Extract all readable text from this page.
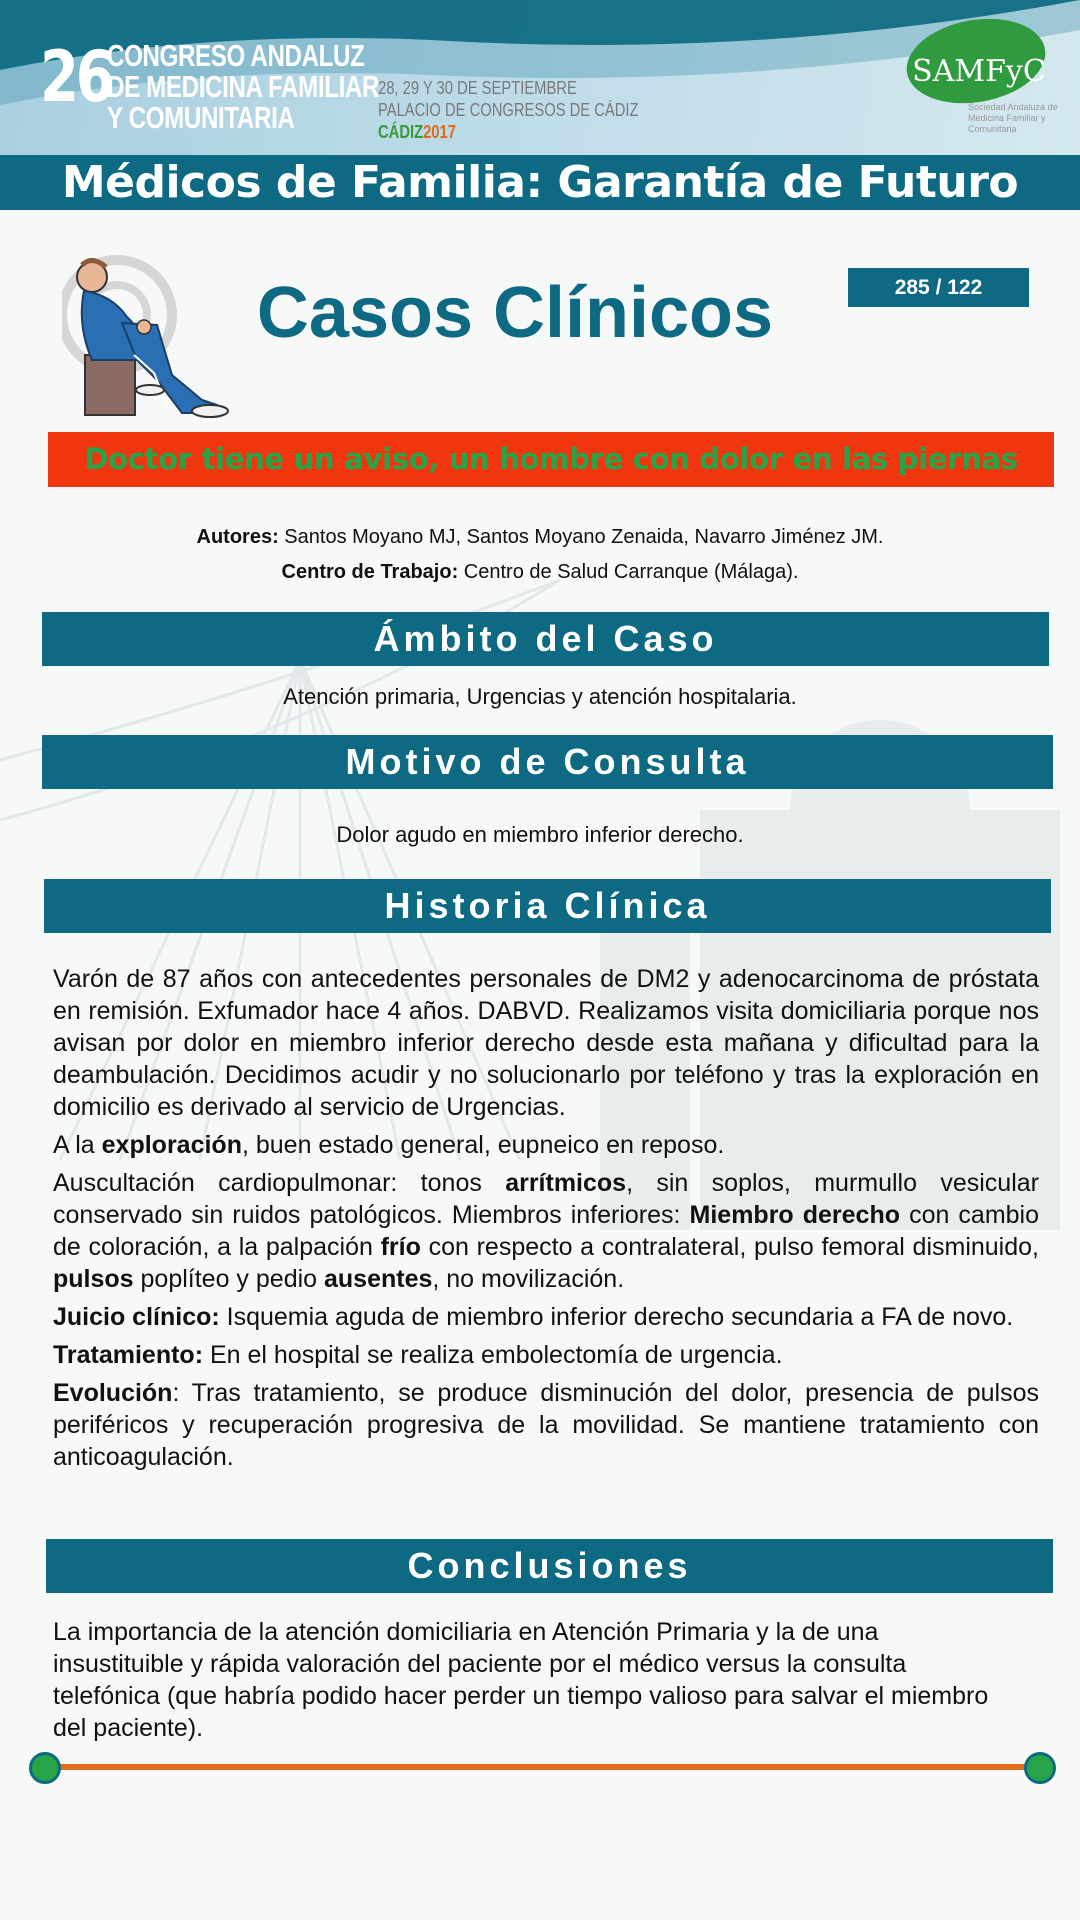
26
CONGRESO ANDALUZ
DE MEDICINA FAMILIAR
Y COMUNITARIA
28, 29 Y 30 DE SEPTIEMBRE
PALACIO DE CONGRESOS DE CÁDIZ
CÁDIZ2017
SAMFyC
Sociedad Andaluza de Medicina Familiar y Comunitaria
Médicos de Familia: Garantía de Futuro
Casos Clínicos	285 / 122
Doctor tiene un aviso, un hombre con dolor en las piernas
Autores: Santos Moyano MJ, Santos Moyano Zenaida, Navarro Jiménez JM.
Centro de Trabajo: Centro de Salud Carranque (Málaga).
Ámbito del Caso
Atención primaria, Urgencias y atención hospitalaria.
Motivo de Consulta
Dolor agudo en miembro inferior derecho.
Historia Clínica

Varón de 87 años con antecedentes personales de DM2 y adenocarcinoma de próstata en remisión. Exfumador hace 4 años. DABVD. Realizamos visita domiciliaria porque nos avisan por dolor en miembro inferior derecho desde esta mañana y dificultad para la deambulación. Decidimos acudir y no solucionarlo por teléfono y tras la exploración en domicilio es derivado al servicio de Urgencias.

A la exploración, buen estado general, eupneico en reposo.

Auscultación cardiopulmonar: tonos arrítmicos, sin soplos, murmullo vesicular conservado sin ruidos patológicos. Miembros inferiores: Miembro derecho con cambio de coloración, a la palpación frío con respecto a contralateral, pulso femoral disminuido, pulsos poplíteo y pedio ausentes, no movilización.

Juicio clínico: Isquemia aguda de miembro inferior derecho secundaria a FA de novo.

Tratamiento: En el hospital se realiza embolectomía de urgencia.

Evolución: Tras tratamiento, se produce disminución del dolor, presencia de pulsos periféricos y recuperación progresiva de la movilidad. Se mantiene tratamiento con anticoagulación.

Conclusiones
La importancia de la atención domiciliaria en Atención Primaria y la de una insustituible y rápida valoración del paciente por el médico versus la consulta telefónica (que habría podido hacer perder un tiempo valioso para salvar el miembro del paciente).
